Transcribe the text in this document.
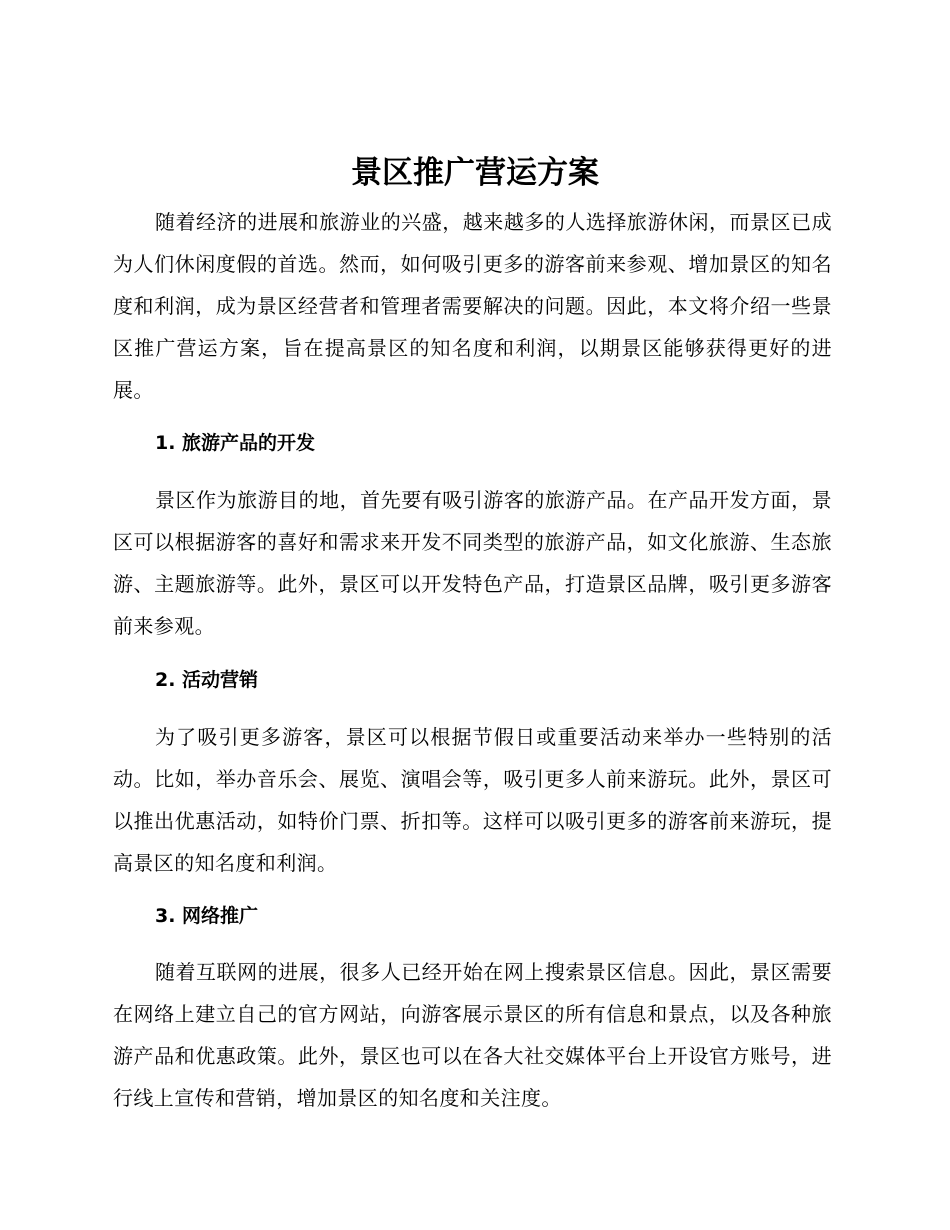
景区推广营运方案

随着经济的进展和旅游业的兴盛，越来越多的人选择旅游休闲，而景区已成为人们休闲度假的首选。然而，如何吸引更多的游客前来参观、增加景区的知名度和利润，成为景区经营者和管理者需要解决的问题。因此，本文将介绍一些景区推广营运方案，旨在提高景区的知名度和利润，以期景区能够获得更好的进展。

1. 旅游产品的开发

景区作为旅游目的地，首先要有吸引游客的旅游产品。在产品开发方面，景区可以根据游客的喜好和需求来开发不同类型的旅游产品，如文化旅游、生态旅游、主题旅游等。此外，景区可以开发特色产品，打造景区品牌，吸引更多游客前来参观。

2. 活动营销

为了吸引更多游客，景区可以根据节假日或重要活动来举办一些特别的活动。比如，举办音乐会、展览、演唱会等，吸引更多人前来游玩。此外，景区可以推出优惠活动，如特价门票、折扣等。这样可以吸引更多的游客前来游玩，提高景区的知名度和利润。

3. 网络推广

随着互联网的进展，很多人已经开始在网上搜索景区信息。因此，景区需要在网络上建立自己的官方网站，向游客展示景区的所有信息和景点，以及各种旅游产品和优惠政策。此外，景区也可以在各大社交媒体平台上开设官方账号，进行线上宣传和营销，增加景区的知名度和关注度。
